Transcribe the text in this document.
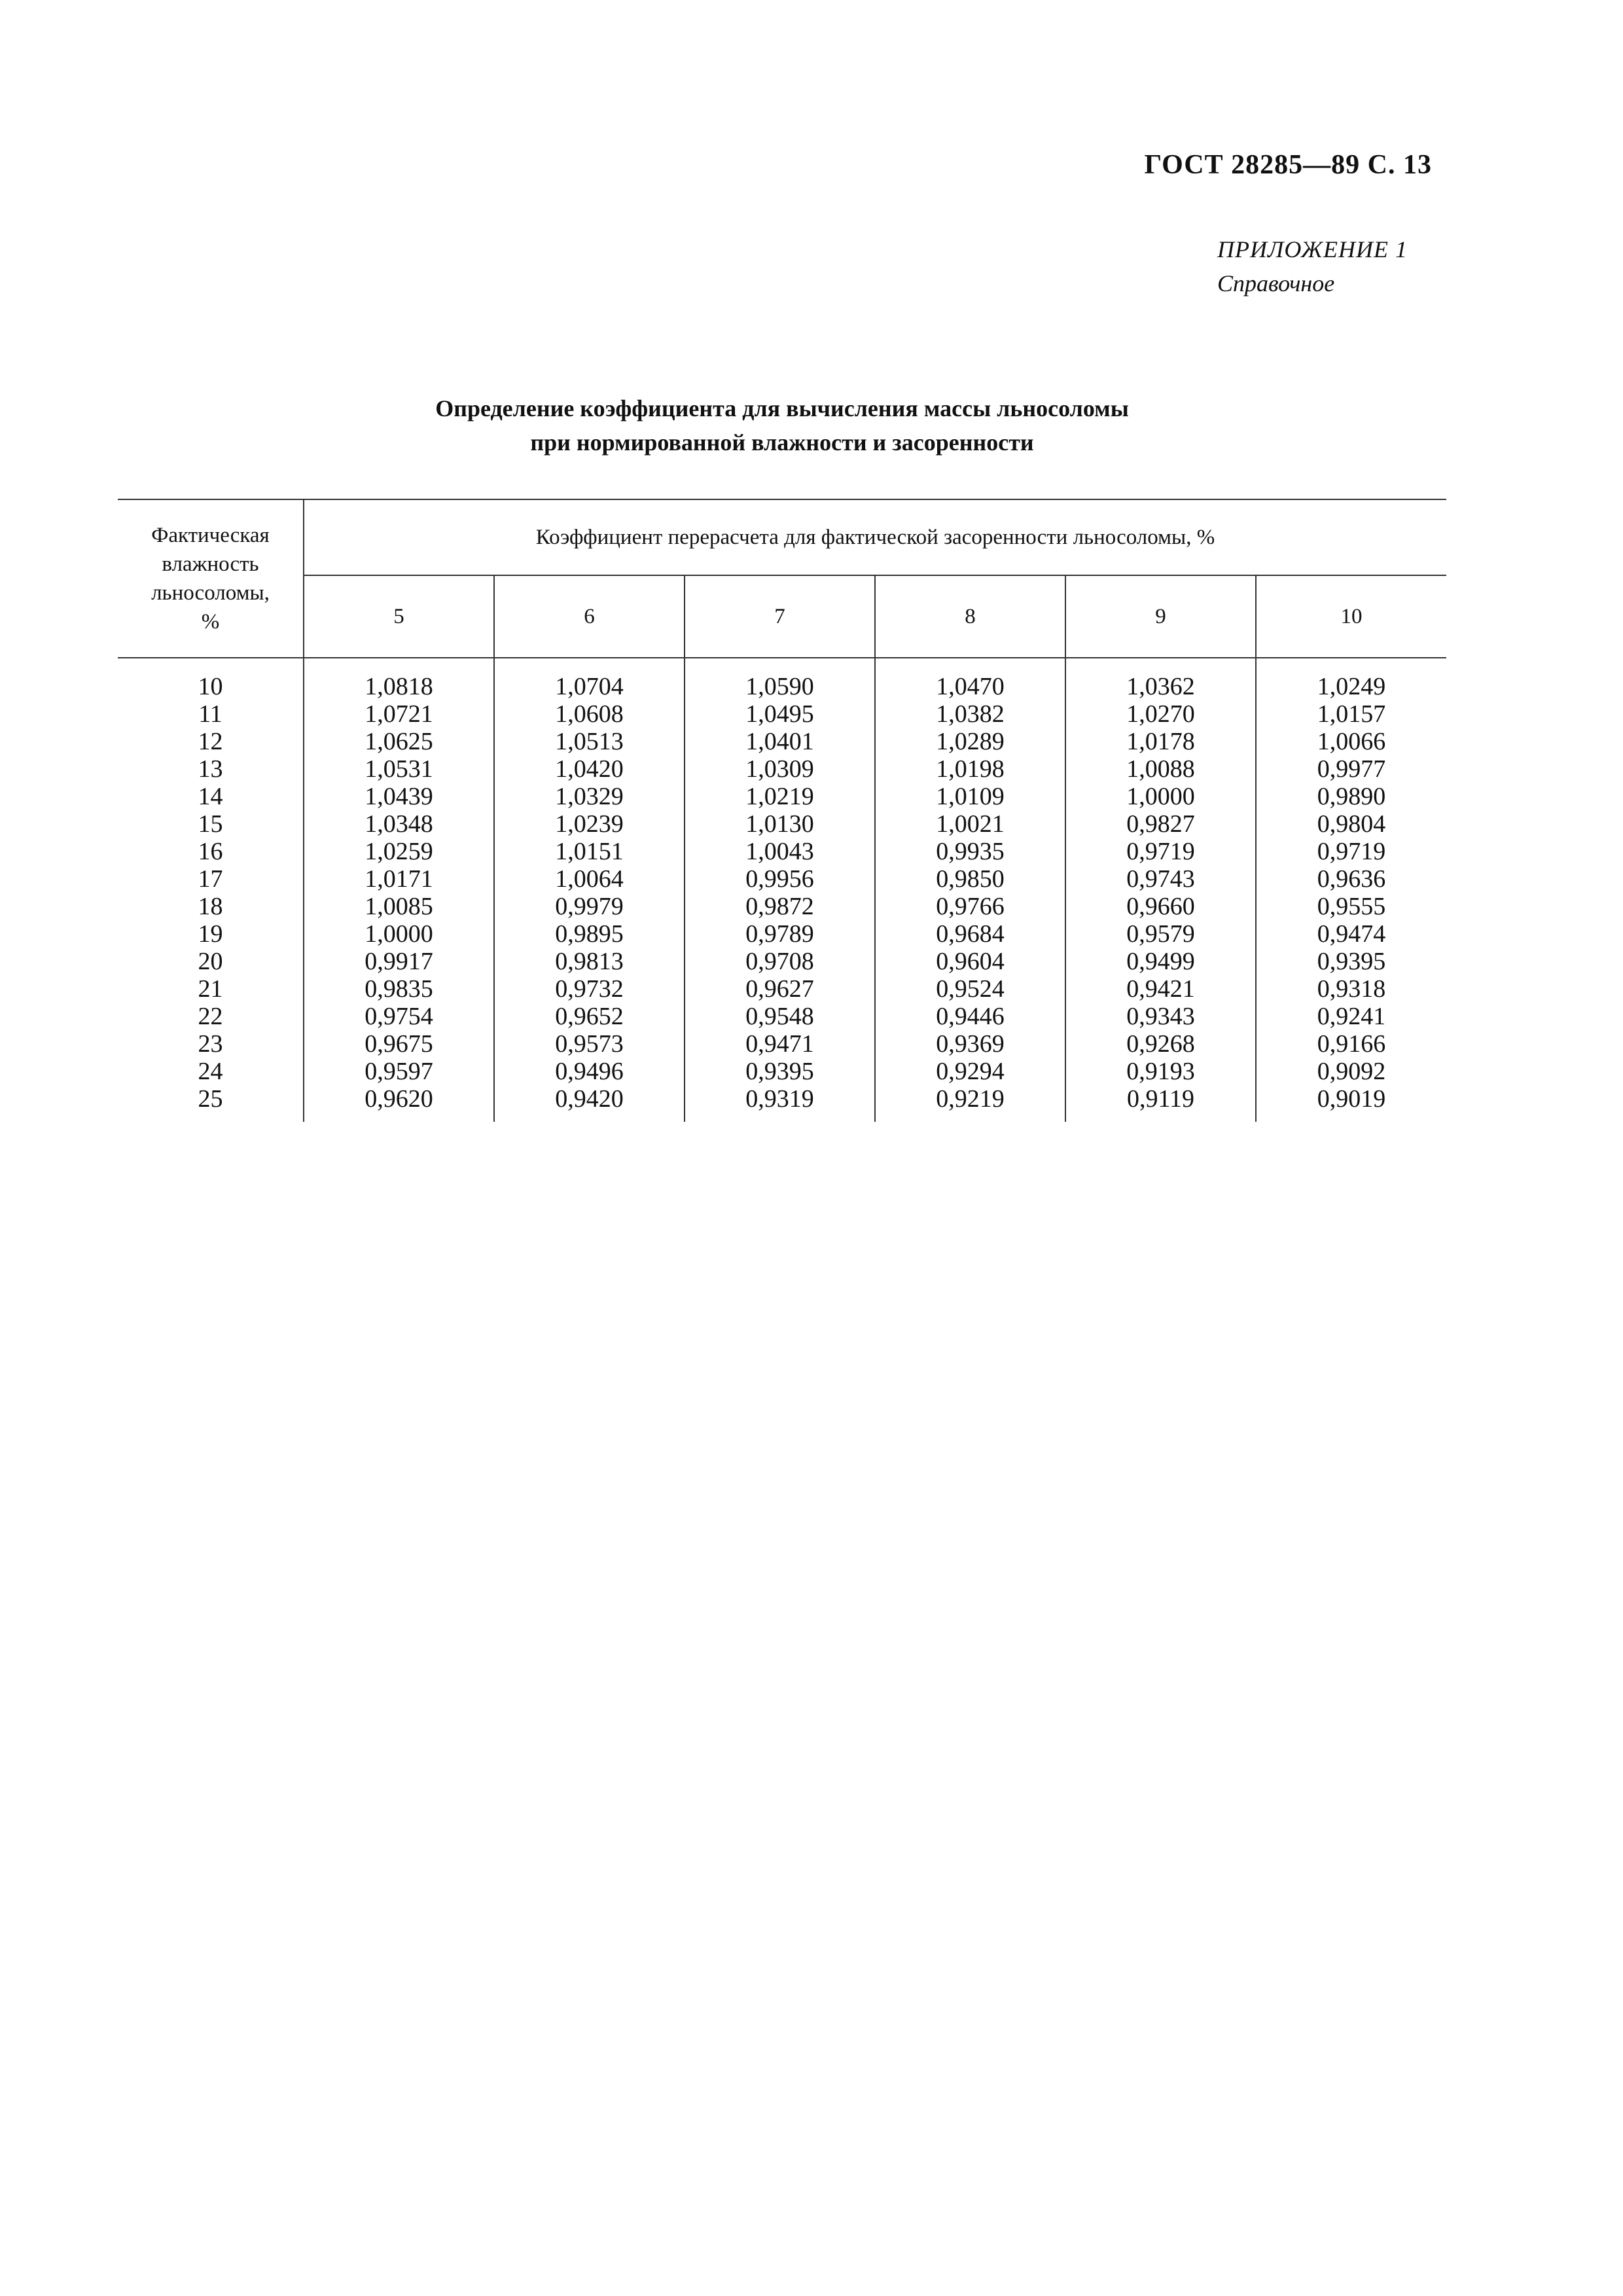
ГОСТ 28285—89 С. 13
ПРИЛОЖЕНИЕ 1
Справочное
Определение коэффициента для вычисления массы льносоломы
при нормированной влажности и засоренности
Фактическая
влажность
льносоломы,
%	Коэффициент перерасчета для фактической засоренности льносоломы, %					
	5	6	7	8	9	10
10	1,0818	1,0704	1,0590	1,0470	1,0362	1,0249
11	1,0721	1,0608	1,0495	1,0382	1,0270	1,0157
12	1,0625	1,0513	1,0401	1,0289	1,0178	1,0066
13	1,0531	1,0420	1,0309	1,0198	1,0088	0,9977
14	1,0439	1,0329	1,0219	1,0109	1,0000	0,9890
15	1,0348	1,0239	1,0130	1,0021	0,9827	0,9804
16	1,0259	1,0151	1,0043	0,9935	0,9719	0,9719
17	1,0171	1,0064	0,9956	0,9850	0,9743	0,9636
18	1,0085	0,9979	0,9872	0,9766	0,9660	0,9555
19	1,0000	0,9895	0,9789	0,9684	0,9579	0,9474
20	0,9917	0,9813	0,9708	0,9604	0,9499	0,9395
21	0,9835	0,9732	0,9627	0,9524	0,9421	0,9318
22	0,9754	0,9652	0,9548	0,9446	0,9343	0,9241
23	0,9675	0,9573	0,9471	0,9369	0,9268	0,9166
24	0,9597	0,9496	0,9395	0,9294	0,9193	0,9092
25	0,9620	0,9420	0,9319	0,9219	0,9119	0,9019
